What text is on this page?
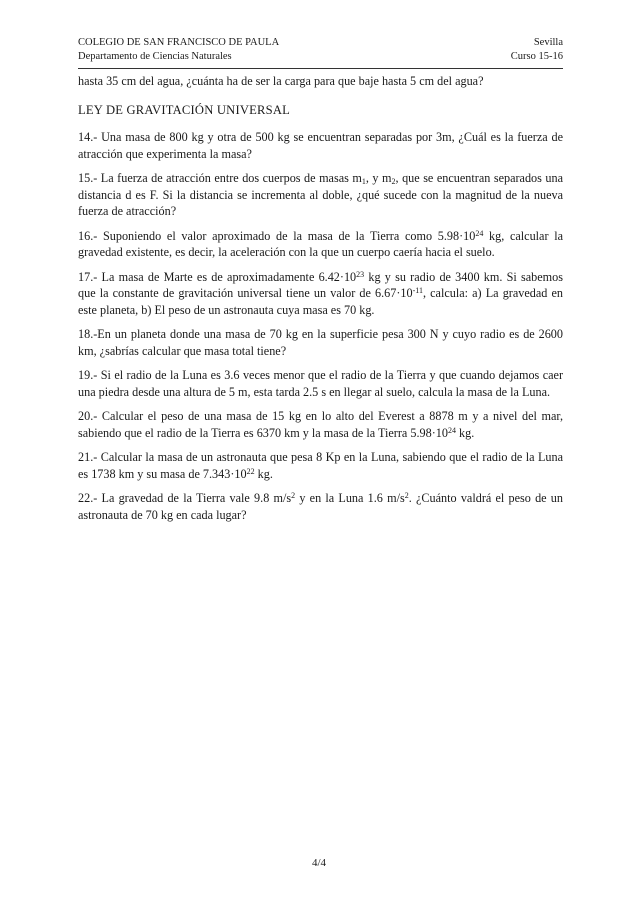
COLEGIO DE SAN FRANCISCO DE PAULA	Sevilla
Departamento de Ciencias Naturales	Curso 15-16

hasta 35 cm del agua, ¿cuánta ha de ser la carga para que baje hasta 5 cm del agua?

LEY DE GRAVITACIÓN UNIVERSAL

14.- Una masa de 800 kg y otra de 500 kg se encuentran separadas por 3m, ¿Cuál es la fuerza de atracción que experimenta la masa?

15.- La fuerza de atracción entre dos cuerpos de masas $m_1$, y $m_2$, que se encuentran separados una distancia d es F. Si la distancia se incrementa al doble, ¿qué sucede con la magnitud de la nueva fuerza de atracción?

16.- Suponiendo el valor aproximado de la masa de la Tierra como $5.98\cdot 10^{24}$ kg, calcular la gravedad existente, es decir, la aceleración con la que un cuerpo caería hacia el suelo.

17.- La masa de Marte es de aproximadamente $6.42\cdot 10^{23}$ kg y su radio de 3400 km. Si sabemos que la constante de gravitación universal tiene un valor de $6.67\cdot 10^{-11}$, calcula: a) La gravedad en este planeta, b) El peso de un astronauta cuya masa es 70 kg.

18.-En un planeta donde una masa de 70 kg en la superficie pesa 300 N y cuyo radio es de 2600 km, ¿sabrías calcular que masa total tiene?

19.- Si el radio de la Luna es 3.6 veces menor que el radio de la Tierra y que cuando dejamos caer una piedra desde una altura de 5 m, esta tarda 2.5 s en llegar al suelo, calcula la masa de la Luna.

20.- Calcular el peso de una masa de 15 kg en lo alto del Everest a 8878 m y a nivel del mar, sabiendo que el radio de la Tierra es 6370 km y la masa de la Tierra $5.98\cdot 10^{24}$ kg.

21.- Calcular la masa de un astronauta que pesa 8 Kp en la Luna, sabiendo que el radio de la Luna es 1738 km y su masa de $7.343\cdot 10^{22}$ kg.

22.- La gravedad de la Tierra vale 9.8 $m/s^2$ y en la Luna 1.6 $m/s^2$. ¿Cuánto valdrá el peso de un astronauta de 70 kg en cada lugar?

4/4
